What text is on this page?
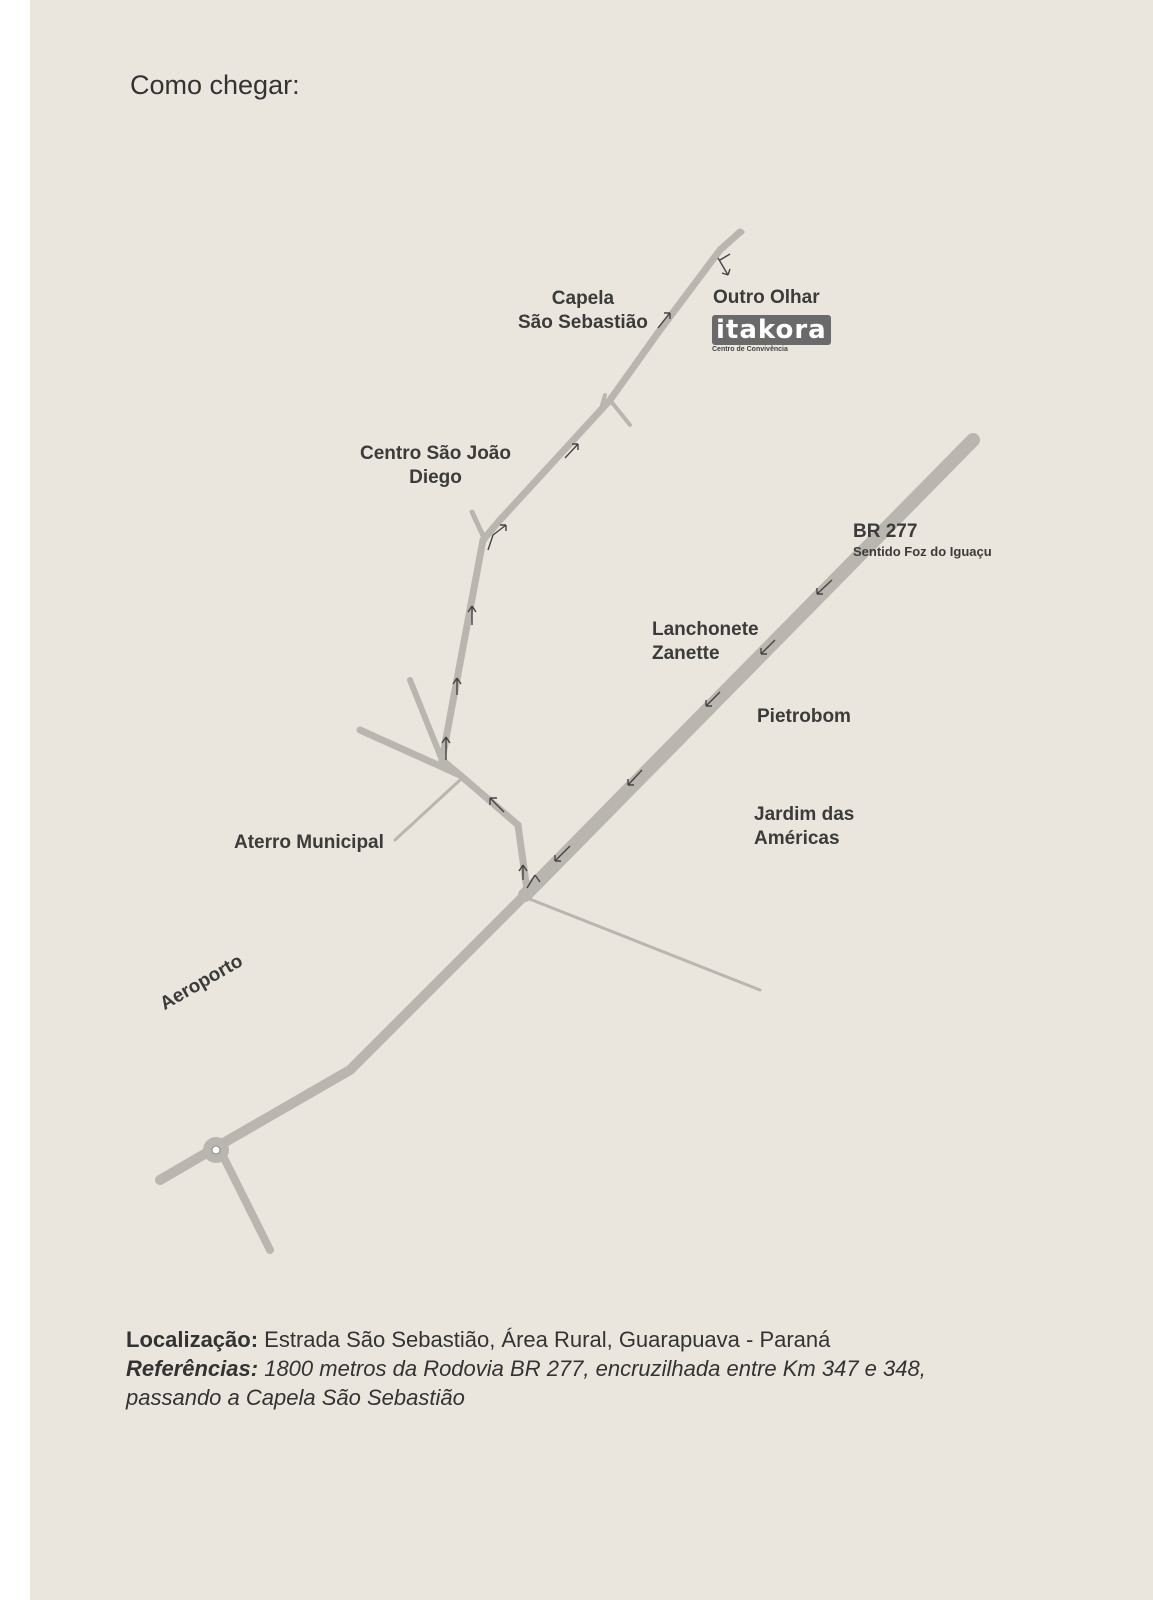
Como chegar:
Capela
São Sebastião
Outro Olhar
itakora
Centro de Convivência
Centro São João
Diego
BR 277
Sentido Foz do Iguaçu
Lanchonete
Zanette
Pietrobom
Jardim das
Américas
Aterro Municipal
Aeroporto
Localização: Estrada São Sebastião, Área Rural, Guarapuava - Paraná
Referências: 1800 metros da Rodovia BR 277, encruzilhada entre Km 347 e 348,
passando a Capela São Sebastião
